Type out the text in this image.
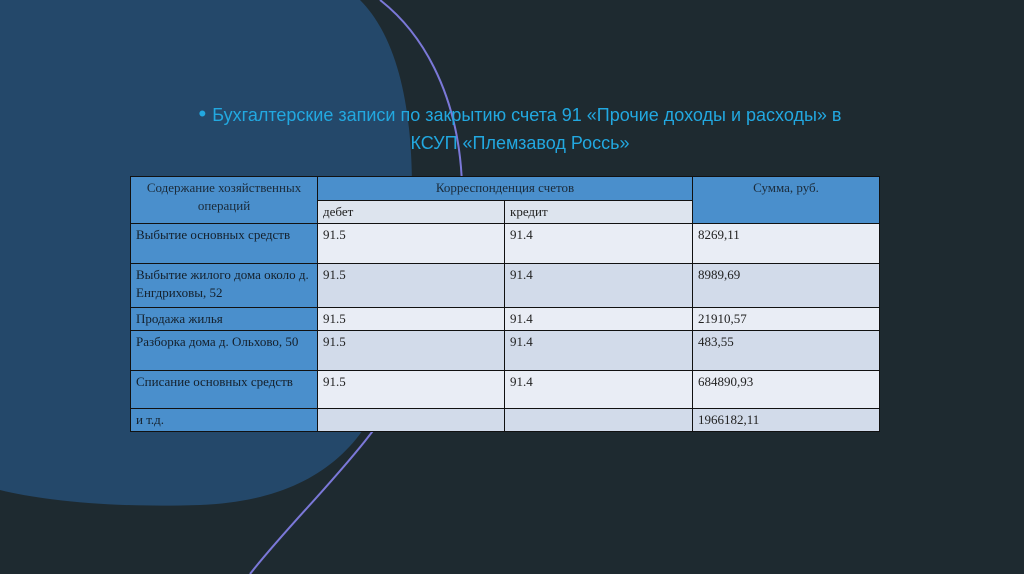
• Бухгалтерские записи по закрытию счета 91 «Прочие доходы и расходы» в
КСУП «Племзавод Россь»
Содержание хозяйственных операций	Корреспонденция счетов		Сумма, руб.
	дебет	кредит	
Выбытие основных средств	91.5	91.4	8269,11
Выбытие жилого дома около д. Енгдриховы, 52	91.5	91.4	8989,69
Продажа жилья	91.5	91.4	21910,57
Разборка дома д. Ольхово, 50	91.5	91.4	483,55
Списание основных средств	91.5	91.4	684890,93
и т.д.			1966182,11
